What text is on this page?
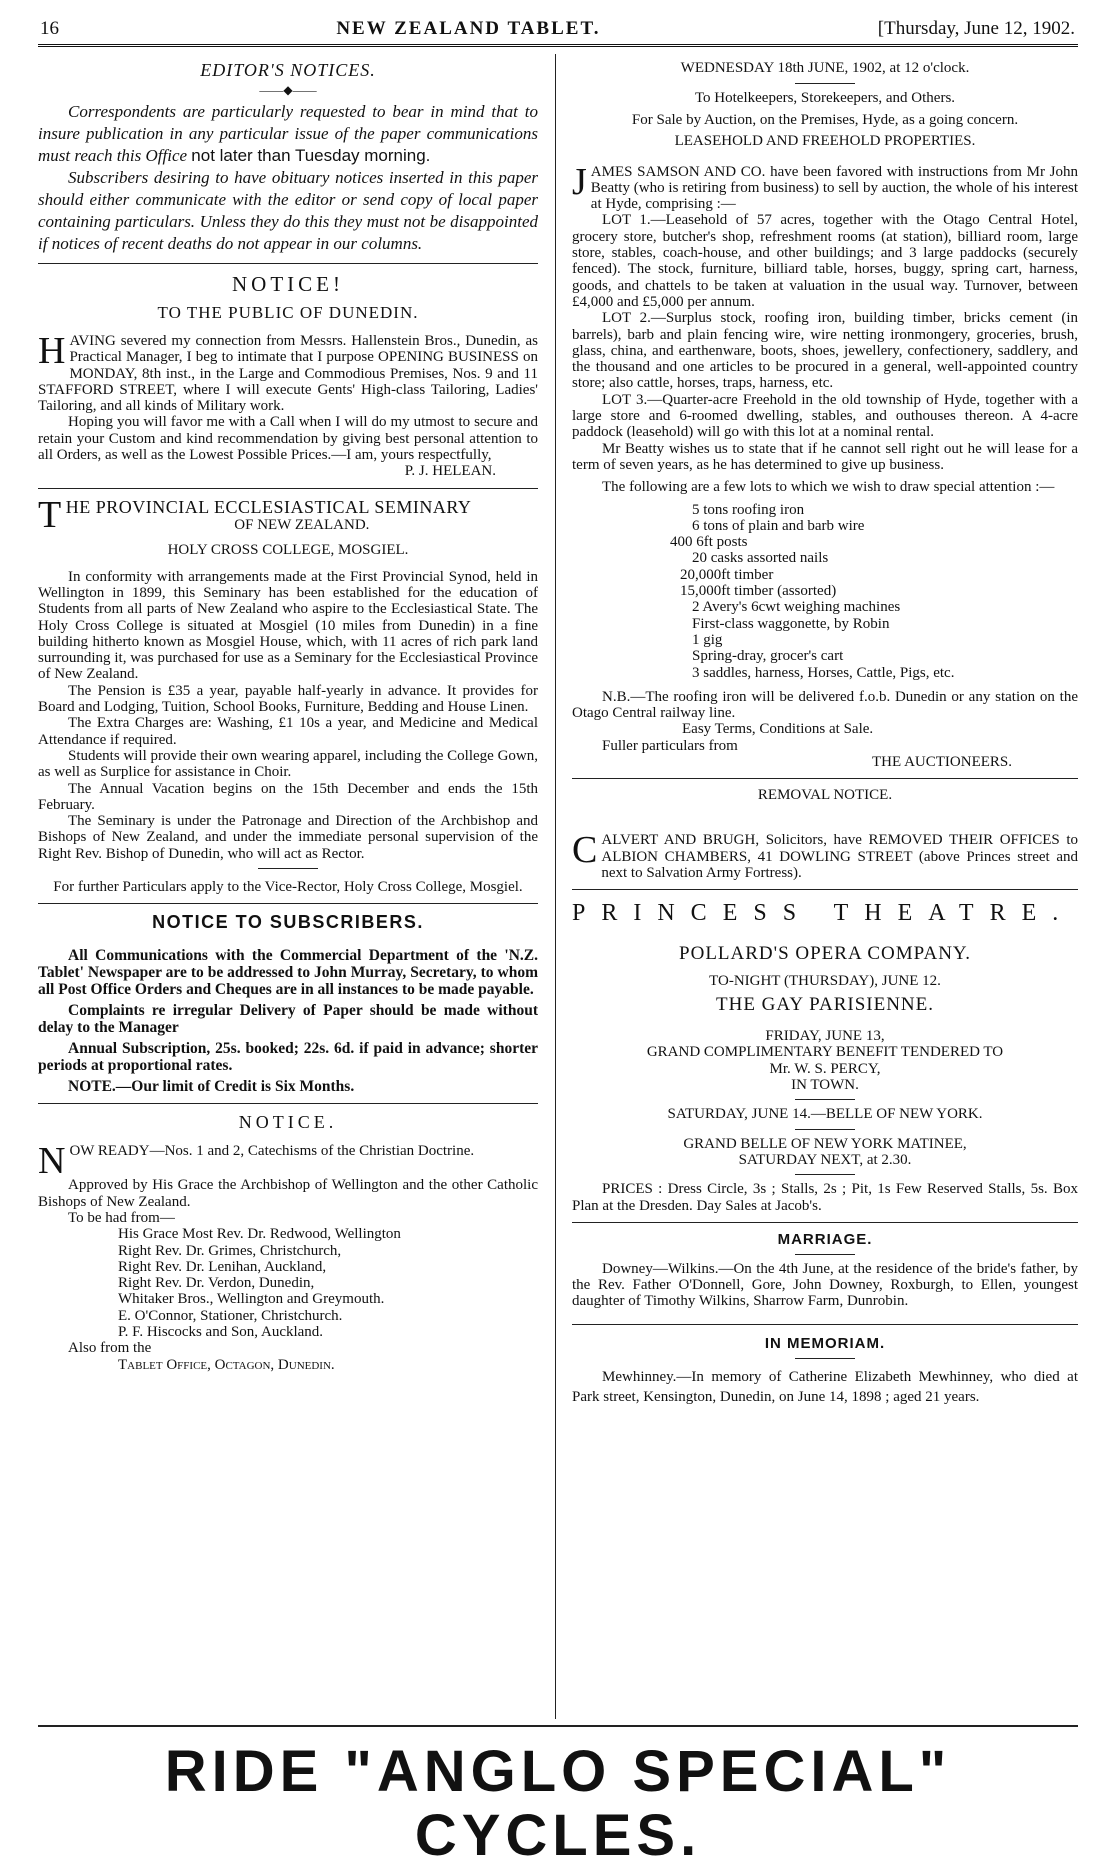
16	NEW ZEALAND TABLET.	[Thursday, June 12, 1902.

EDITOR'S NOTICES.

——◆——

Correspondents are particularly requested to bear in mind that to insure publication in any particular issue of the paper communications must reach this Office not later than Tuesday morning.

Subscribers desiring to have obituary notices inserted in this paper should either communicate with the editor or send copy of local paper containing particulars. Unless they do this they must not be disappointed if notices of recent deaths do not appear in our columns.

NOTICE!

TO THE PUBLIC OF DUNEDIN.

HAVING severed my connection from Messrs. Hallenstein Bros., Dunedin, as Practical Manager, I beg to intimate that I purpose OPENING BUSINESS on MONDAY, 8th inst., in the Large and Commodious Premises, Nos. 9 and 11 STAFFORD STREET, where I will execute Gents' High-class Tailoring, Ladies' Tailoring, and all kinds of Military work.

Hoping you will favor me with a Call when I will do my utmost to secure and retain your Custom and kind recommendation by giving best personal attention to all Orders, as well as the Lowest Possible Prices.—I am, yours respectfully,

P. J. HELEAN.

THE PROVINCIAL ECCLESIASTICAL SEMINARY

OF NEW ZEALAND.

HOLY CROSS COLLEGE, MOSGIEL.

In conformity with arrangements made at the First Provincial Synod, held in Wellington in 1899, this Seminary has been established for the education of Students from all parts of New Zealand who aspire to the Ecclesiastical State. The Holy Cross College is situated at Mosgiel (10 miles from Dunedin) in a fine building hitherto known as Mosgiel House, which, with 11 acres of rich park land surrounding it, was purchased for use as a Seminary for the Ecclesiastical Province of New Zealand.

The Pension is £35 a year, payable half-yearly in advance. It provides for Board and Lodging, Tuition, School Books, Furniture, Bedding and House Linen.

The Extra Charges are: Washing, £1 10s a year, and Medicine and Medical Attendance if required.

Students will provide their own wearing apparel, including the College Gown, as well as Surplice for assistance in Choir.

The Annual Vacation begins on the 15th December and ends the 15th February.

The Seminary is under the Patronage and Direction of the Archbishop and Bishops of New Zealand, and under the immediate personal supervision of the Right Rev. Bishop of Dunedin, who will act as Rector.

For further Particulars apply to the Vice-Rector, Holy Cross College, Mosgiel.

NOTICE TO SUBSCRIBERS.

All Communications with the Commercial Department of the 'N.Z. Tablet' Newspaper are to be addressed to John Murray, Secretary, to whom all Post Office Orders and Cheques are in all instances to be made payable.

Complaints re irregular Delivery of Paper should be made without delay to the Manager

Annual Subscription, 25s. booked; 22s. 6d. if paid in advance; shorter periods at proportional rates.

NOTE.—Our limit of Credit is Six Months.

NOTICE.

NOW READY—Nos. 1 and 2, Catechisms of the Christian Doctrine.

Approved by His Grace the Archbishop of Wellington and the other Catholic Bishops of New Zealand.

To be had from—

His Grace Most Rev. Dr. Redwood, Wellington

Right Rev. Dr. Grimes, Christchurch,

Right Rev. Dr. Lenihan, Auckland,

Right Rev. Dr. Verdon, Dunedin,

Whitaker Bros., Wellington and Greymouth.

E. O'Connor, Stationer, Christchurch.

P. F. Hiscocks and Son, Auckland.

Also from the

Tablet Office, Octagon, Dunedin.

WEDNESDAY 18th JUNE, 1902, at 12 o'clock.

To Hotelkeepers, Storekeepers, and Others.

For Sale by Auction, on the Premises, Hyde, as a going concern.

LEASEHOLD AND FREEHOLD PROPERTIES.

JAMES SAMSON AND CO. have been favored with instructions from Mr John Beatty (who is retiring from business) to sell by auction, the whole of his interest at Hyde, comprising :—

LOT 1.—Leasehold of 57 acres, together with the Otago Central Hotel, grocery store, butcher's shop, refreshment rooms (at station), billiard room, large store, stables, coach-house, and other buildings; and 3 large paddocks (securely fenced). The stock, furniture, billiard table, horses, buggy, spring cart, harness, goods, and chattels to be taken at valuation in the usual way. Turnover, between £4,000 and £5,000 per annum.

LOT 2.—Surplus stock, roofing iron, building timber, bricks cement (in barrels), barb and plain fencing wire, wire netting ironmongery, groceries, brush, glass, china, and earthenware, boots, shoes, jewellery, confectionery, saddlery, and the thousand and one articles to be procured in a general, well-appointed country store; also cattle, horses, traps, harness, etc.

LOT 3.—Quarter-acre Freehold in the old township of Hyde, together with a large store and 6-roomed dwelling, stables, and outhouses thereon. A 4-acre paddock (leasehold) will go with this lot at a nominal rental.

Mr Beatty wishes us to state that if he cannot sell right out he will lease for a term of seven years, as he has determined to give up business.

The following are a few lots to which we wish to draw special attention :—

5 tons roofing iron

6 tons of plain and barb wire

400 6ft posts

20 casks assorted nails

20,000ft timber

15,000ft timber (assorted)

2 Avery's 6cwt weighing machines

First-class waggonette, by Robin

1 gig

Spring-dray, grocer's cart

3 saddles, harness, Horses, Cattle, Pigs, etc.

N.B.—The roofing iron will be delivered f.o.b. Dunedin or any station on the Otago Central railway line.

Easy Terms, Conditions at Sale.

Fuller particulars from

THE AUCTIONEERS.

REMOVAL NOTICE.

CALVERT AND BRUGH, Solicitors, have REMOVED THEIR OFFICES to ALBION CHAMBERS, 41 DOWLING STREET (above Princes street and next to Salvation Army Fortress).

PRINCESS THEATRE.

POLLARD'S OPERA COMPANY.

TO-NIGHT (THURSDAY), JUNE 12.

THE GAY PARISIENNE.

FRIDAY, JUNE 13,

GRAND COMPLIMENTARY BENEFIT TENDERED TO

Mr. W. S. PERCY,

IN TOWN.

SATURDAY, JUNE 14.—BELLE OF NEW YORK.

GRAND BELLE OF NEW YORK MATINEE,

SATURDAY NEXT, at 2.30.

PRICES : Dress Circle, 3s ; Stalls, 2s ; Pit, 1s Few Reserved Stalls, 5s. Box Plan at the Dresden. Day Sales at Jacob's.

MARRIAGE.

Downey—Wilkins.—On the 4th June, at the residence of the bride's father, by the Rev. Father O'Donnell, Gore, John Downey, Roxburgh, to Ellen, youngest daughter of Timothy Wilkins, Sharrow Farm, Dunrobin.

IN MEMORIAM.

Mewhinney.—In memory of Catherine Elizabeth Mewhinney, who died at Park street, Kensington, Dunedin, on June 14, 1898 ; aged 21 years.

RIDE "ANGLO SPECIAL" CYCLES.
